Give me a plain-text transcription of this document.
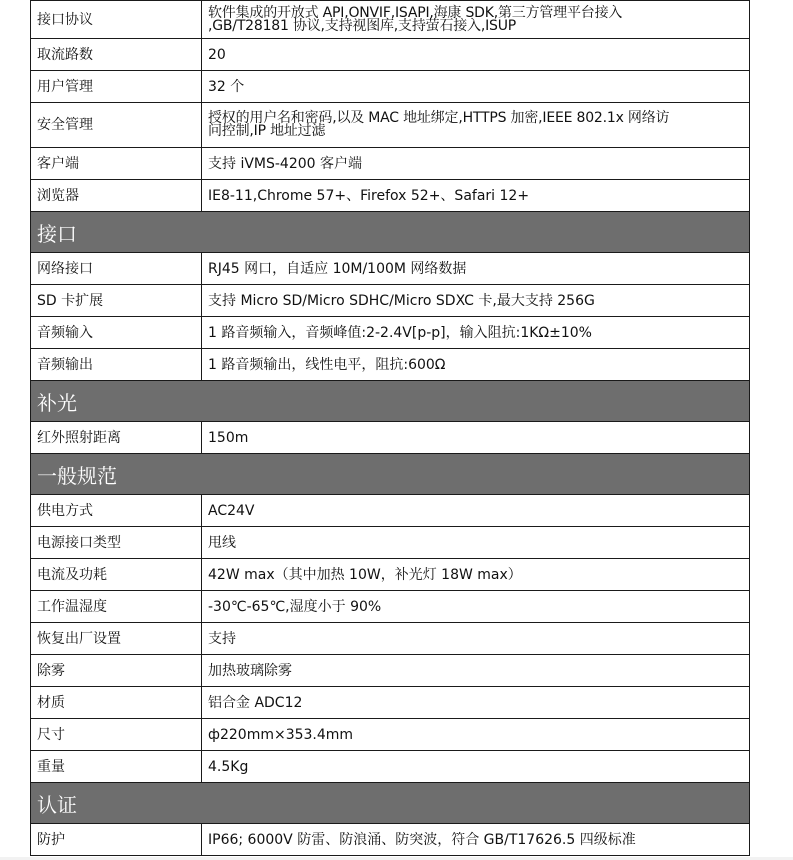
接口协议	软件集成的开放式 API,ONVIF,ISAPI,海康 SDK,第三方管理平台接入
,GB/T28181 协议,支持视图库,支持萤石接入,ISUP

取流路数	20
用户管理	32 个
安全管理	授权的用户名和密码,以及 MAC 地址绑定,HTTPS 加密,IEEE 802.1x 网络访
问控制,IP 地址过滤

客户端	支持 iVMS-4200 客户端
浏览器	IE8-11,Chrome 57+、Firefox 52+、Safari 12+
接口	
网络接口	RJ45 网口，自适应 10M/100M 网络数据
SD 卡扩展	支持 Micro SD/Micro SDHC/Micro SDXC 卡,最大支持 256G
音频输入	1 路音频输入，音频峰值:2-2.4V[p-p]，输入阻抗:1KΩ±10%
音频输出	1 路音频输出，线性电平，阻抗:600Ω
补光	
红外照射距离	150m
一般规范	
供电方式	AC24V
电源接口类型	甩线
电流及功耗	42W max（其中加热 10W，补光灯 18W max）
工作温湿度	-30℃-65℃,湿度小于 90%
恢复出厂设置	支持
除雾	加热玻璃除雾
材质	铝合金 ADC12
尺寸	ф220mm×353.4mm
重量	4.5Kg
认证	
防护	IP66; 6000V 防雷、防浪涌、防突波，符合 GB/T17626.5 四级标准
